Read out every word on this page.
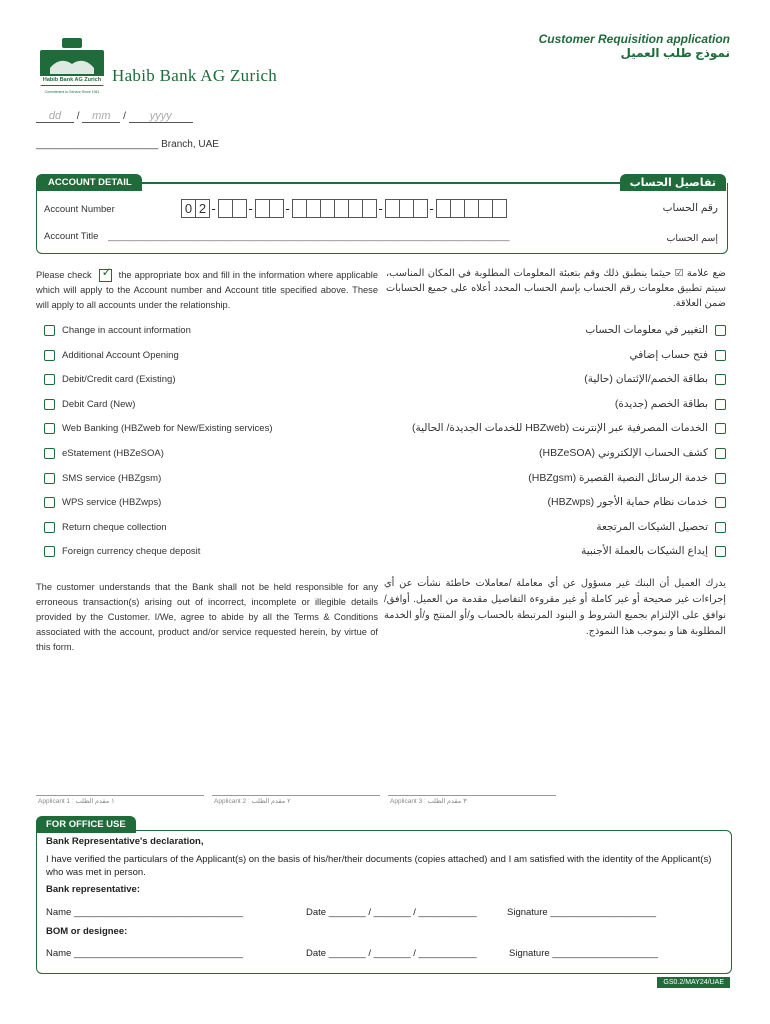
Habib Bank AG Zurich
Commitment to Service Since 1941
Habib Bank AG Zurich
Customer Requisition application
نموذج طلب العميل
dd / mm / yyyy
______________________ Branch, UAE
ACCOUNT DETAIL	تفاصيل الحساب
Account Number	0 2 -	-	-	-	-	رقم الحساب
Account Title ____________________________________________________________________________	إسم الحساب
Please check ✓ the appropriate box and fill in the information where applicable which will apply to the Account number and Account title specified above. These will apply to all accounts under the relationship.
ضع علامة ☑ حيثما ينطبق ذلك وقم بتعبئة المعلومات المطلوبة في المكان المناسب، سيتم تطبيق معلومات رقم الحساب بإسم الحساب المحدد أعلاه على جميع الحسابات ضمن العلاقة.
Change in account information	التغيير في معلومات الحساب
Additional Account Opening	فتح حساب إضافي
Debit/Credit card (Existing)	بطاقة الخصم/الإئتمان (حالية)
Debit Card (New)	بطاقة الخصم (جديدة)
Web Banking (HBZweb for New/Existing services)	الخدمات المصرفية عبر الإنترنت (HBZweb للخدمات الجديدة/ الحالية)
eStatement (HBZeSOA)	كشف الحساب الإلكتروني (HBZeSOA)
SMS service (HBZgsm)	خدمة الرسائل النصية القصيرة (HBZgsm)
WPS service (HBZwps)	خدمات نظام حماية الأجور (HBZwps)
Return cheque collection	تحصيل الشيكات المرتجعة
Foreign currency cheque deposit	إيداع الشيكات بالعملة الأجنبية
The customer understands that the Bank shall not be held responsible for any erroneous transaction(s) arising out of incorrect, incomplete or illegible details provided by the Customer. I/We, agree to abide by all the Terms & Conditions associated with the account, product and/or service requested herein, by virtue of this form.
يدرك العميل أن البنك غير مسؤول عن أي معاملة /معاملات خاطئة نشأت عن أي إجراءات غير صحيحة أو غير كاملة أو غير مقروءة التفاصيل مقدمة من العميل. أوافق/نوافق على الإلتزام بجميع الشروط و البنود المرتبطة بالحساب و/أو المنتج و/أو الخدمة المطلوبة هنا و بموجب هذا النموذج.
Applicant 1 : ١ مقدم الطلب	Applicant 2 : ٢ مقدم الطلب	Applicant 3 : ٣ مقدم الطلب
FOR OFFICE USE
Bank Representative's declaration,
I have verified the particulars of the Applicant(s) on the basis of his/her/their documents (copies attached) and I am satisfied with the identity of the Applicant(s) who was met in person.
Bank representative:
Name ________________________________	Date _______ / _______ / ___________	Signature ____________________
BOM or designee:
Name ________________________________	Date _______ / _______ / ___________	Signature ____________________
GS0.2/MAY24/UAE
